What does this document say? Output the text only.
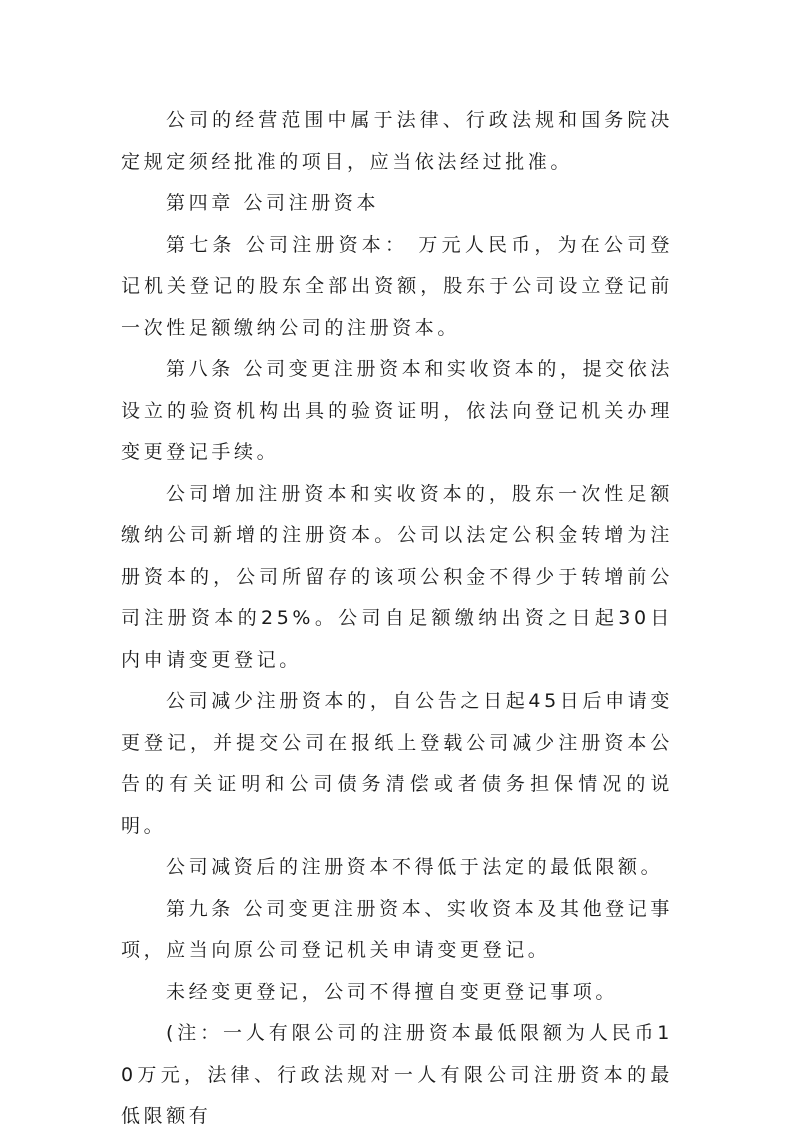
公司的经营范围中属于法律、行政法规和国务院决定规定须经批准的项目，应当依法经过批准。

第四章 公司注册资本

第七条 公司注册资本： 万元人民币，为在公司登记机关登记的股东全部出资额，股东于公司设立登记前一次性足额缴纳公司的注册资本。

第八条 公司变更注册资本和实收资本的，提交依法设立的验资机构出具的验资证明，依法向登记机关办理变更登记手续。

公司增加注册资本和实收资本的，股东一次性足额缴纳公司新增的注册资本。公司以法定公积金转增为注册资本的，公司所留存的该项公积金不得少于转增前公司注册资本的25%。公司自足额缴纳出资之日起30日内申请变更登记。

公司减少注册资本的，自公告之日起45日后申请变更登记，并提交公司在报纸上登载公司减少注册资本公告的有关证明和公司债务清偿或者债务担保情况的说明。

公司减资后的注册资本不得低于法定的最低限额。

第九条 公司变更注册资本、实收资本及其他登记事项，应当向原公司登记机关申请变更登记。

未经变更登记，公司不得擅自变更登记事项。

(注：一人有限公司的注册资本最低限额为人民币10万元，法律、行政法规对一人有限公司注册资本的最低限额有
